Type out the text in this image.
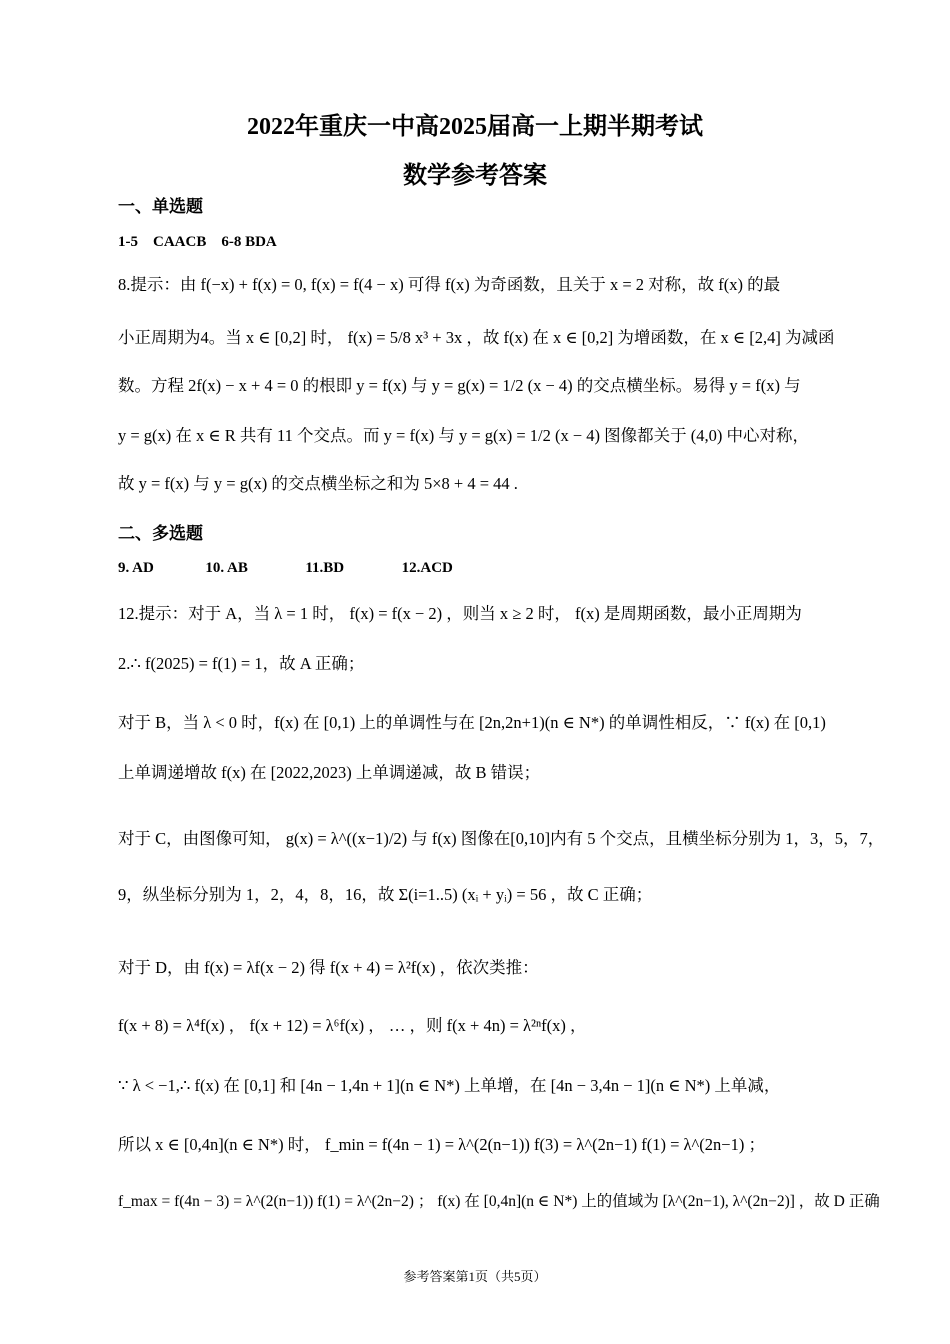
2022年重庆一中高2025届高一上期半期考试
数学参考答案
一、单选题
1-5    CAACB    6-8 BDA
8.提示：由 f(−x) + f(x) = 0, f(x) = f(4 − x) 可得 f(x) 为奇函数，且关于 x = 2 对称，故 f(x) 的最
小正周期为4。当 x ∈ [0,2] 时， f(x) = 5/8 x³ + 3x ，故 f(x) 在 x ∈ [0,2] 为增函数，在 x ∈ [2,4] 为减函
数。方程 2f(x) − x + 4 = 0 的根即 y = f(x) 与 y = g(x) = 1/2 (x − 4) 的交点横坐标。易得 y = f(x) 与
y = g(x) 在 x ∈ R 共有 11 个交点。而 y = f(x) 与 y = g(x) = 1/2 (x − 4) 图像都关于 (4,0) 中心对称，
故 y = f(x) 与 y = g(x) 的交点横坐标之和为 5×8 + 4 = 44 .
二、多选题
9. AD	10. AB	11.BD	12.ACD
12.提示：对于 A，当 λ = 1 时， f(x) = f(x − 2) ，则当 x ≥ 2 时， f(x) 是周期函数，最小正周期为
2.∴ f(2025) = f(1) = 1，故 A 正确；
对于 B，当 λ < 0 时，f(x) 在 [0,1) 上的单调性与在 [2n,2n+1)(n ∈ N*) 的单调性相反，∵ f(x) 在 [0,1)
上单调递增故 f(x) 在 [2022,2023) 上单调递减，故 B 错误；
对于 C，由图像可知， g(x) = λ^((x−1)/2) 与 f(x) 图像在[0,10]内有 5 个交点，且横坐标分别为 1，3，5，7，
9，纵坐标分别为 1，2，4，8，16，故 Σ(i=1..5) (xᵢ + yᵢ) = 56 ，故 C 正确；
对于 D，由 f(x) = λf(x − 2) 得 f(x + 4) = λ²f(x) ，依次类推：
f(x + 8) = λ⁴f(x) ， f(x + 12) = λ⁶f(x) ， … ，则 f(x + 4n) = λ²ⁿf(x) ，
∵ λ < −1,∴ f(x) 在 [0,1] 和 [4n − 1,4n + 1](n ∈ N*) 上单增，在 [4n − 3,4n − 1](n ∈ N*) 上单减，
所以 x ∈ [0,4n](n ∈ N*) 时， f_min = f(4n − 1) = λ^(2(n−1)) f(3) = λ^(2n−1) f(1) = λ^(2n−1) ；
f_max = f(4n − 3) = λ^(2(n−1)) f(1) = λ^(2n−2) ； f(x) 在 [0,4n](n ∈ N*) 上的值域为 [λ^(2n−1), λ^(2n−2)] ，故 D 正确
参考答案第1页（共5页）
